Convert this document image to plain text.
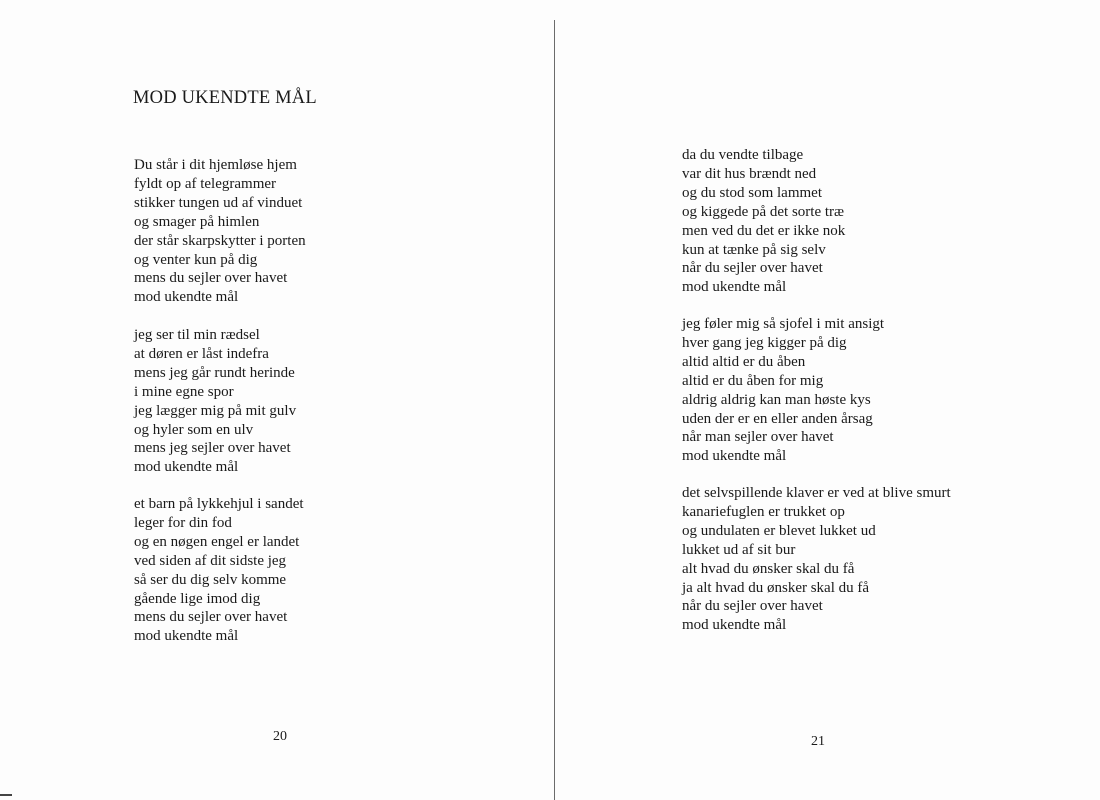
MOD UKENDTE MÅL
Du står i dit hjemløse hjem
fyldt op af telegrammer
stikker tungen ud af vinduet
og smager på himlen
der står skarpskytter i porten
og venter kun på dig
mens du sejler over havet
mod ukendte mål
jeg ser til min rædsel
at døren er låst indefra
mens jeg går rundt herinde
i mine egne spor
jeg lægger mig på mit gulv
og hyler som en ulv
mens jeg sejler over havet
mod ukendte mål
et barn på lykkehjul i sandet
leger for din fod
og en nøgen engel er landet
ved siden af dit sidste jeg
så ser du dig selv komme
gående lige imod dig
mens du sejler over havet
mod ukendte mål
20
da du vendte tilbage
var dit hus brændt ned
og du stod som lammet
og kiggede på det sorte træ
men ved du det er ikke nok
kun at tænke på sig selv
når du sejler over havet
mod ukendte mål
jeg føler mig så sjofel i mit ansigt
hver gang jeg kigger på dig
altid altid er du åben
altid er du åben for mig
aldrig aldrig kan man høste kys
uden der er en eller anden årsag
når man sejler over havet
mod ukendte mål
det selvspillende klaver er ved at blive smurt
kanariefuglen er trukket op
og undulaten er blevet lukket ud
lukket ud af sit bur
alt hvad du ønsker skal du få
ja alt hvad du ønsker skal du få
når du sejler over havet
mod ukendte mål
21
